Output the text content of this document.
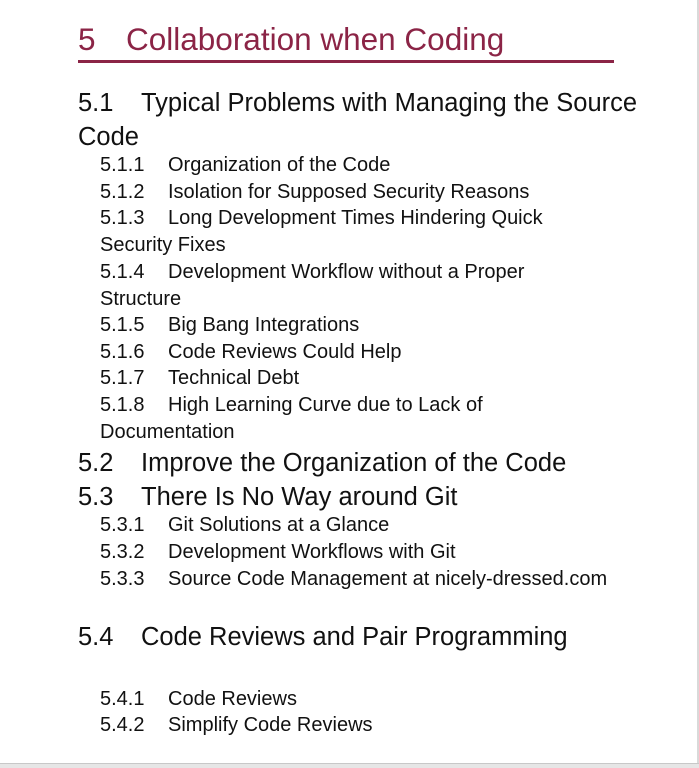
5 Collaboration when Coding
5.1 Typical Problems with Managing the Source Code
5.1.1 Organization of the Code
5.1.2 Isolation for Supposed Security Reasons
5.1.3 Long Development Times Hindering Quick Security Fixes
5.1.4 Development Workflow without a Proper Structure
5.1.5 Big Bang Integrations
5.1.6 Code Reviews Could Help
5.1.7 Technical Debt
5.1.8 High Learning Curve due to Lack of Documentation
5.2 Improve the Organization of the Code
5.3 There Is No Way around Git
5.3.1 Git Solutions at a Glance
5.3.2 Development Workflows with Git
5.3.3 Source Code Management at nicely-dressed.com
5.4 Code Reviews and Pair Programming
5.4.1 Code Reviews
5.4.2 Simplify Code Reviews
